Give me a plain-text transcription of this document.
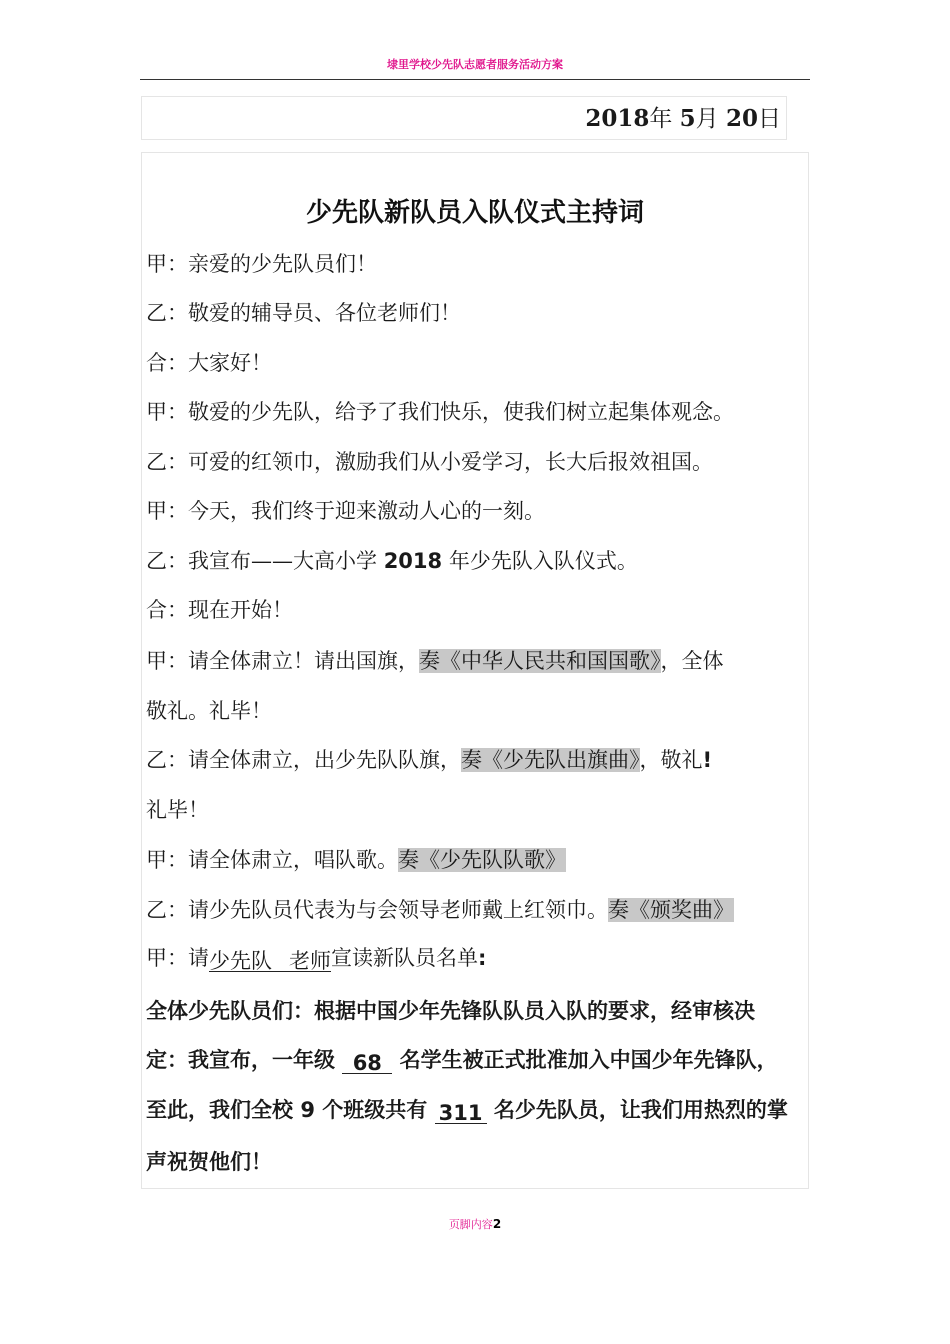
埭里学校少先队志愿者服务活动方案
2018年 5月 20日
少先队新队员入队仪式主持词
甲：亲爱的少先队员们！
乙：敬爱的辅导员、各位老师们！
合：大家好！
甲：敬爱的少先队，给予了我们快乐，使我们树立起集体观念。
乙：可爱的红领巾，激励我们从小爱学习，长大后报效祖国。
甲：今天，我们终于迎来激动人心的一刻。
乙：我宣布——大高小学 2018 年少先队入队仪式。
合：现在开始！
甲：请全体肃立！请出国旗，奏《中华人民共和国国歌》，全体
敬礼。礼毕！
乙：请全体肃立，出少先队队旗，奏《少先队出旗曲》，敬礼!
礼毕！
甲：请全体肃立，唱队歌。奏《少先队队歌》
乙：请少先队员代表为与会领导老师戴上红领巾。奏《颁奖曲》
甲：请少先队 老师宣读新队员名单:
全体少先队员们：根据中国少年先锋队队员入队的要求，经审核决
定：我宣布，一年级 68 名学生被正式批准加入中国少年先锋队，
至此，我们全校 9 个班级共有 311 名少先队员，让我们用热烈的掌
声祝贺他们！
页脚内容2
